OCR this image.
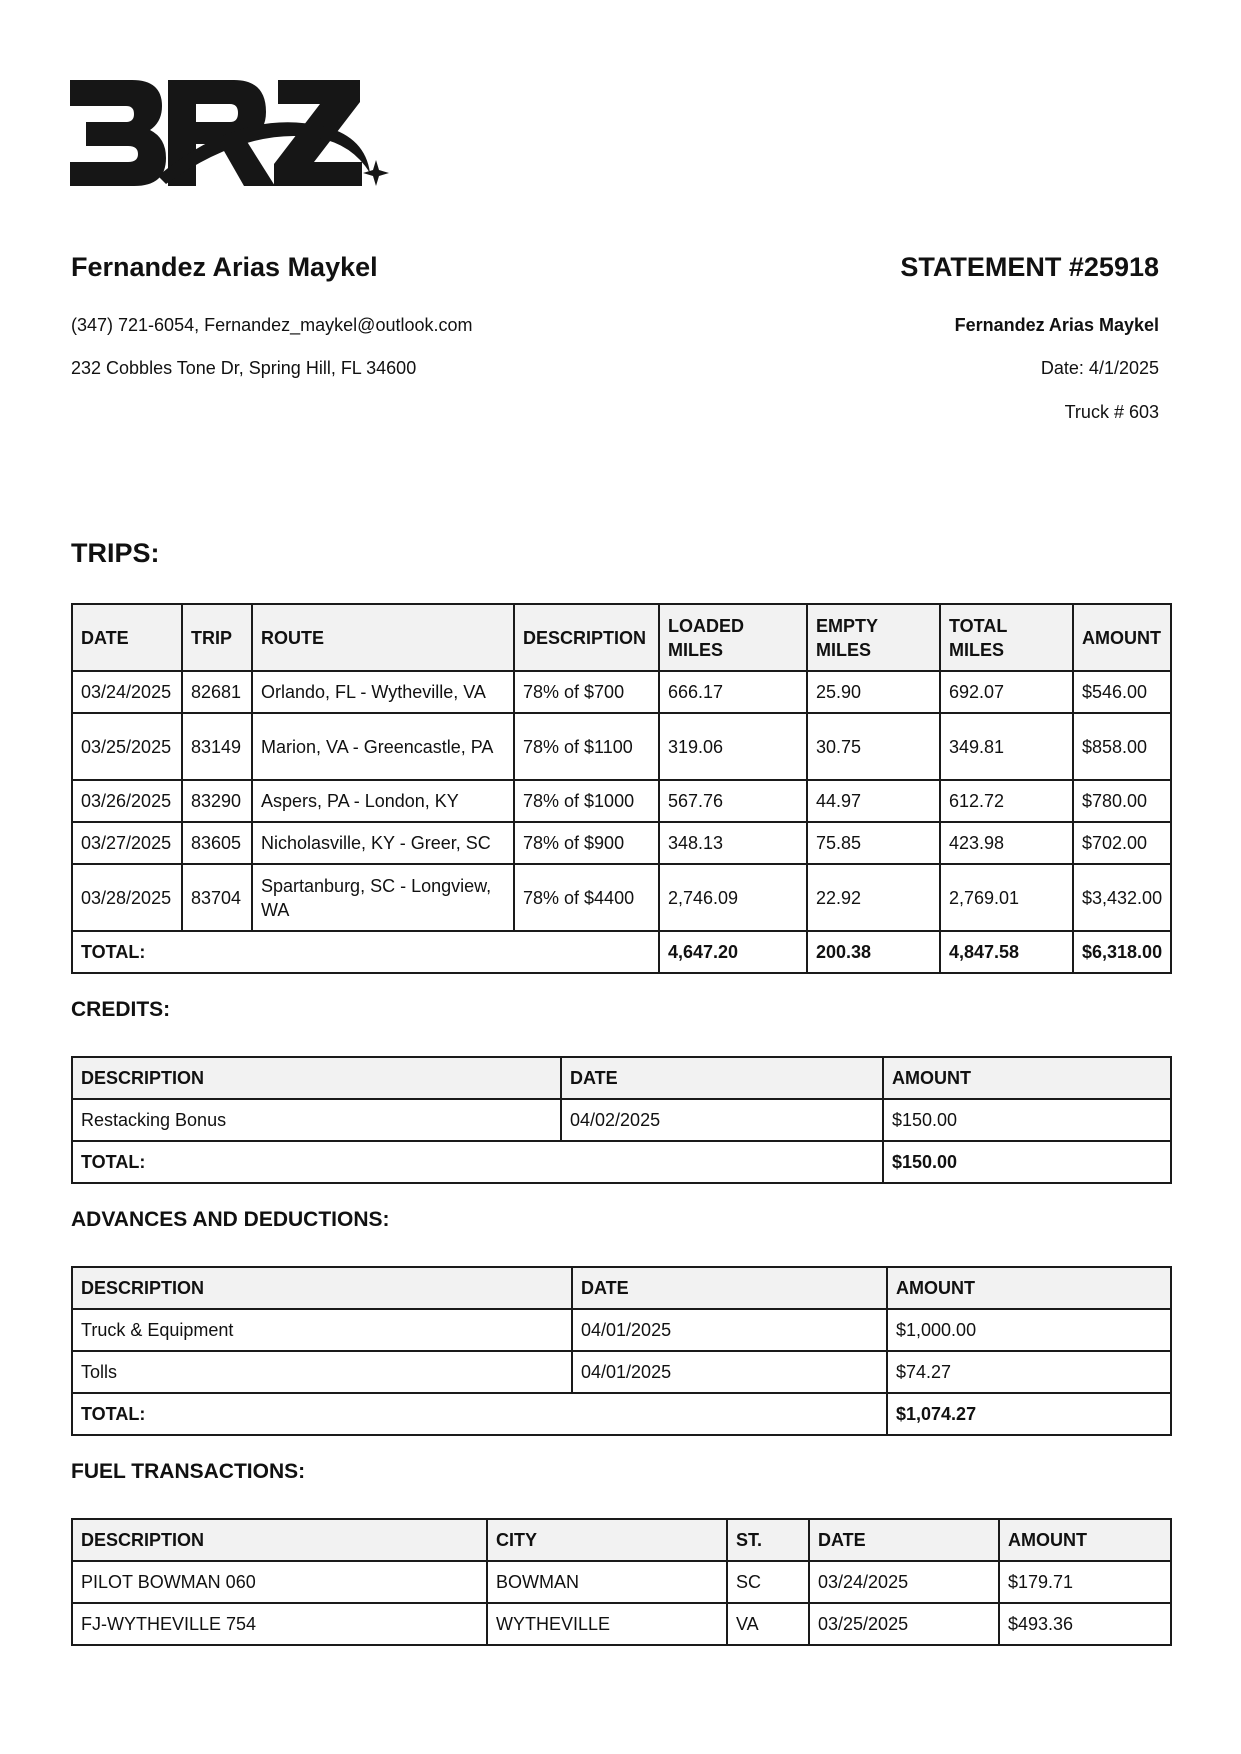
Fernandez Arias Maykel
(347) 721-6054, Fernandez_maykel@outlook.com
232 Cobbles Tone Dr, Spring Hill, FL 34600
STATEMENT #25918
Fernandez Arias Maykel
Date: 4/1/2025
Truck # 603
TRIPS:
DATE	TRIP	ROUTE	DESCRIPTION	LOADED MILES	EMPTY MILES	TOTAL MILES	AMOUNT
03/24/2025	82681	Orlando, FL - Wytheville, VA	78% of $700	666.17	25.90	692.07	$546.00
03/25/2025	83149	Marion, VA - Greencastle, PA	78% of $1100	319.06	30.75	349.81	$858.00
03/26/2025	83290	Aspers, PA - London, KY	78% of $1000	567.76	44.97	612.72	$780.00
03/27/2025	83605	Nicholasville, KY - Greer, SC	78% of $900	348.13	75.85	423.98	$702.00
03/28/2025	83704	Spartanburg, SC - Longview, WA	78% of $4400	2,746.09	22.92	2,769.01	$3,432.00
TOTAL:				4,647.20	200.38	4,847.58	$6,318.00
CREDITS:
DESCRIPTION	DATE	AMOUNT
Restacking Bonus	04/02/2025	$150.00
TOTAL:		$150.00
ADVANCES AND DEDUCTIONS:
DESCRIPTION	DATE	AMOUNT
Truck & Equipment	04/01/2025	$1,000.00
Tolls	04/01/2025	$74.27
TOTAL:		$1,074.27
FUEL TRANSACTIONS:
DESCRIPTION	CITY	ST.	DATE	AMOUNT
PILOT BOWMAN 060	BOWMAN	SC	03/24/2025	$179.71
FJ-WYTHEVILLE 754	WYTHEVILLE	VA	03/25/2025	$493.36
